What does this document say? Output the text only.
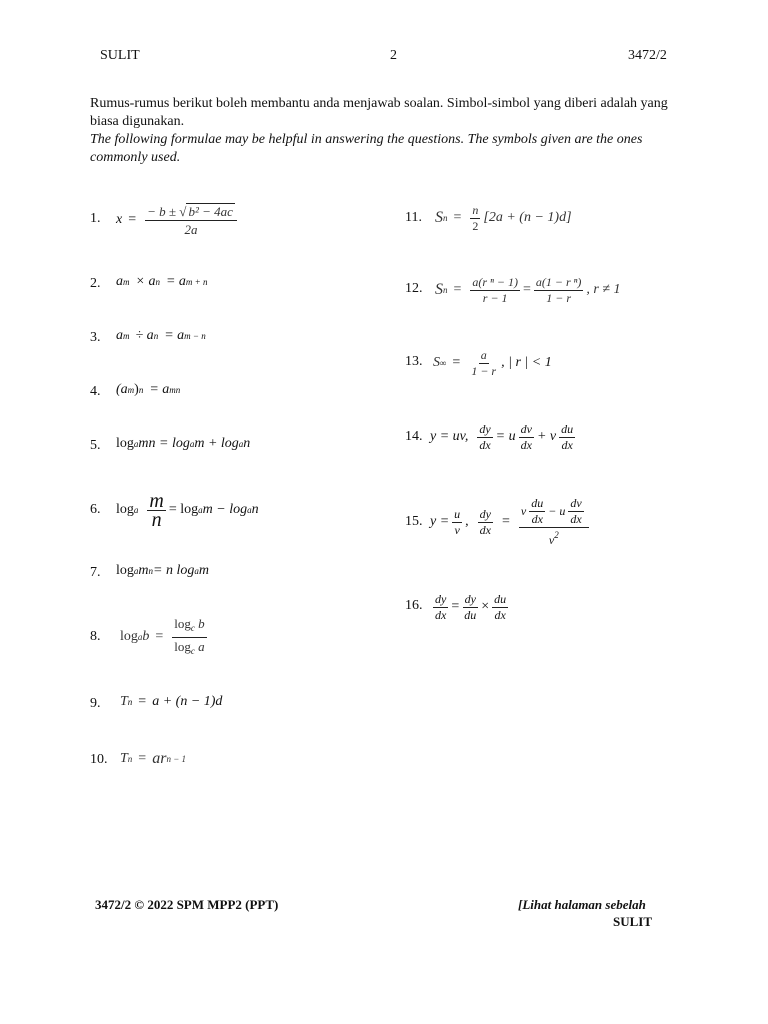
SULIT	2	3472/2
Rumus-rumus berikut boleh membantu anda menjawab soalan. Simbol-simbol yang diberi adalah yang biasa digunakan.
The following formulae may be helpful in answering the questions. The symbols given are the ones commonly used.
1.
2.
3.
4.
5.
6.
7.
8.
9.
10.
11.
12.
13.
14.
15.
16.
$x = \frac{\text{− b ± √ b² − 4ac}}{2a}$
a m × a n = a m + n
a m ÷ a n = a m − n
(a m ) n = a mn
log a mn = log a m + log a n
log a $\frac{m}{n} = \log a$ m − log a n
log a m n = n log a m
log a $b = \frac{\log_c b}{\log_c a}$
T n = a + (n − 1)d
T n = ar n − 1
S $n = \frac{n}{2} [2a + (n - 1)d]$
S $n = \frac{\text{a(r ⁿ − 1)}}{r - 1} = \frac{\text{a(1 − r ⁿ)}}{1 - r}$ , r ≠ 1
S ∞ = $\frac{a}{1 - r}$ , | r | < 1
y = uv, $\frac{dy}{dx} = u \frac{dv}{dx} + v \frac{du}{dx}$
$y = \frac{u}{v}$ , $\frac{dy}{dx} = \frac{v \frac{du}{dx} - u \frac{dv}{dx}}{v^2}$
$\frac{dy}{dx} = \frac{dy}{du} \times \frac{du}{dx}$
3472/2 © 2022 SPM MPP2 (PPT)	[Lihat halaman sebelah
SULIT
